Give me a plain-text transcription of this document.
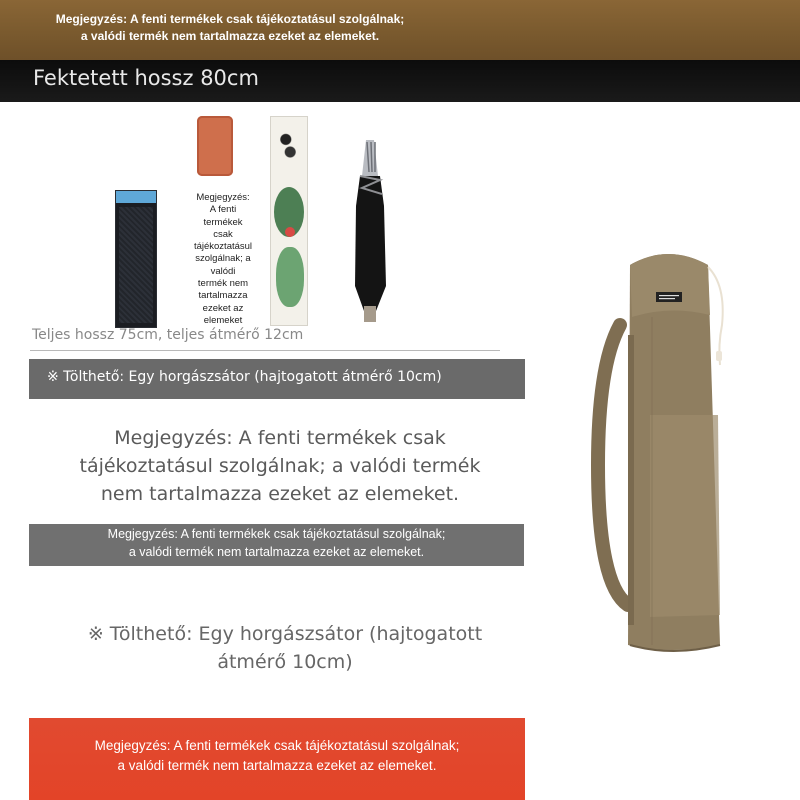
Megjegyzés: A fenti termékek csak tájékoztatásul szolgálnak;
a valódi termék nem tartalmazza ezeket az elemeket.
Fektetett hossz 80cm
Megjegyzés:
A fenti
termékek
csak
tájékoztatásul
szolgálnak; a
valódi
termék nem
tartalmazza
ezeket az
elemeket
Teljes hossz 75cm, teljes átmérő 12cm
※ Tölthető: Egy horgászsátor (hajtogatott átmérő 10cm)
Megjegyzés: A fenti termékek csak
tájékoztatásul szolgálnak; a valódi termék
nem tartalmazza ezeket az elemeket.
Megjegyzés: A fenti termékek csak tájékoztatásul szolgálnak;
a valódi termék nem tartalmazza ezeket az elemeket.
※ Tölthető: Egy horgászsátor (hajtogatott
átmérő 10cm)
Megjegyzés: A fenti termékek csak tájékoztatásul szolgálnak;
a valódi termék nem tartalmazza ezeket az elemeket.
